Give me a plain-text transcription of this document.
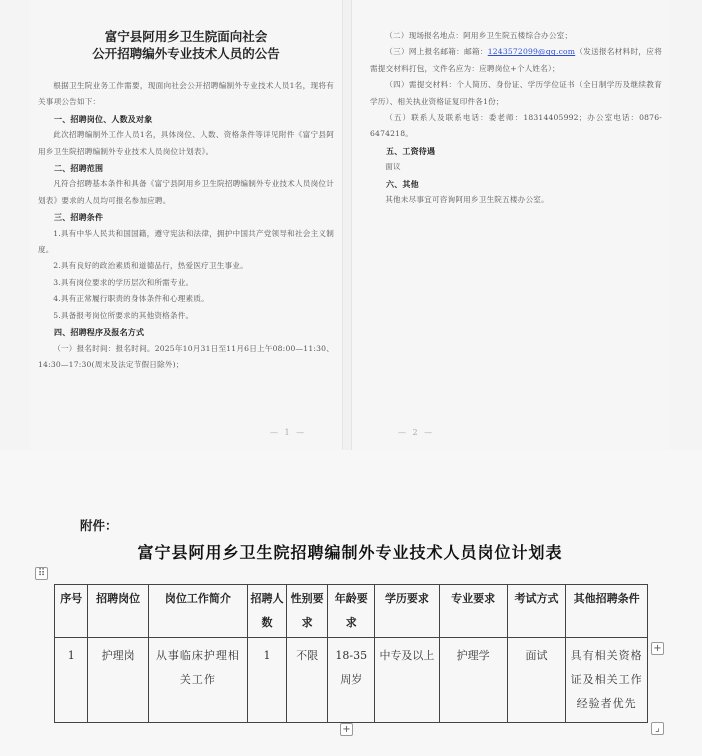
富宁县阿用乡卫生院面向社会
公开招聘编外专业技术人员的公告
根据卫生院业务工作需要，现面向社会公开招聘编制外专业技术人员1名，现将有关事项公告如下：
一、招聘岗位、人数及对象
此次招聘编制外工作人员1名，具体岗位、人数、资格条件等详见附件《富宁县阿用乡卫生院招聘编制外专业技术人员岗位计划表》。
二、招聘范围
凡符合招聘基本条件和具备《富宁县阿用乡卫生院招聘编制外专业技术人员岗位计划表》要求的人员均可报名参加应聘。
三、招聘条件
1.具有中华人民共和国国籍，遵守宪法和法律，拥护中国共产党领导和社会主义制度。
2.具有良好的政治素质和道德品行，热爱医疗卫生事业。
3.具有岗位要求的学历层次和所需专业。
4.具有正常履行职责的身体条件和心理素质。
5.具备报考岗位所要求的其他资格条件。
四、招聘程序及报名方式
（一）报名时间：报名时间。2025年10月31日至11月6日上午08:00—11:30、14:30—17:30(周末及法定节假日除外)；
— 1 —
（二）现场报名地点：阿用乡卫生院五楼综合办公室；
（三）网上报名邮箱：邮箱：1243572099@qq.com（发送报名材料时，应将需提交材料打包，文件名应为：应聘岗位+个人姓名）；
（四）需提交材料：个人简历、身份证、学历学位证书（全日制学历及继续教育学历）、相关执业资格证复印件各1份；
（五）联系人及联系电话：委老师：18314405992；办公室电话：0876-6474218。
五、工资待遇
面议
六、其他
其他未尽事宜可咨询阿用乡卫生院五楼办公室。
— 2 —
附件：
富宁县阿用乡卫生院招聘编制外专业技术人员岗位计划表
⠿
序号	招聘岗位	岗位工作简介	招聘人数	性别要求	年龄要求	学历要求	专业要求	考试方式	其他招聘条件
1	护理岗	从事临床护理相关工作	1	不限	18-35周岁	中专及以上	护理学	面试	具有相关资格证及相关工作经验者优先
+
+	⌟
